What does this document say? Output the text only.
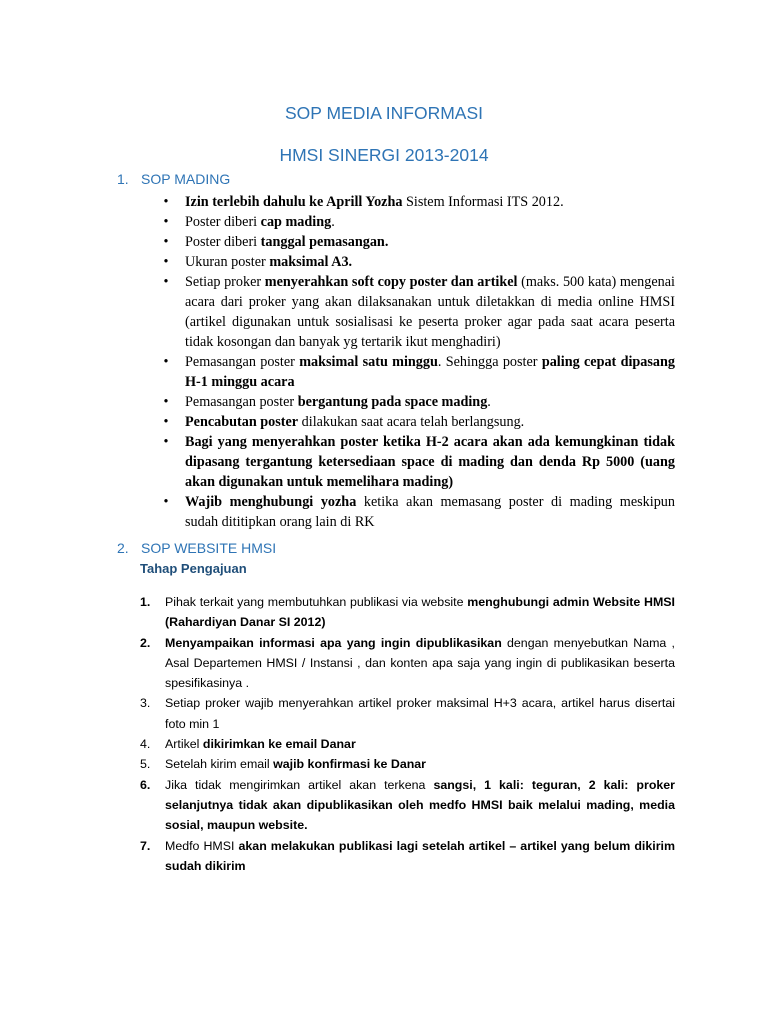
SOP MEDIA INFORMASI
HMSI SINERGI 2013-2014
1. SOP MADING
• Izin terlebih dahulu ke Aprill Yozha Sistem Informasi ITS 2012.
• Poster diberi cap mading.
• Poster diberi tanggal pemasangan.
• Ukuran poster maksimal A3.
• Setiap proker menyerahkan soft copy poster dan artikel (maks. 500 kata) mengenai acara dari proker yang akan dilaksanakan untuk diletakkan di media online HMSI (artikel digunakan untuk sosialisasi ke peserta proker agar pada saat acara peserta tidak kosongan dan banyak yg tertarik ikut menghadiri)
• Pemasangan poster maksimal satu minggu. Sehingga poster paling cepat dipasang H-1 minggu acara
• Pemasangan poster bergantung pada space mading.
• Pencabutan poster dilakukan saat acara telah berlangsung.
• Bagi yang menyerahkan poster ketika H-2 acara akan ada kemungkinan tidak dipasang tergantung ketersediaan space di mading dan denda Rp 5000 (uang akan digunakan untuk memelihara mading)
• Wajib menghubungi yozha ketika akan memasang poster di mading meskipun sudah dititipkan orang lain di RK
2. SOP WEBSITE HMSI
Tahap Pengajuan
1.	Pihak terkait yang membutuhkan publikasi via website menghubungi admin Website HMSI (Rahardiyan Danar SI 2012)
2.	Menyampaikan informasi apa yang ingin dipublikasikan dengan menyebutkan Nama , Asal Departemen HMSI / Instansi , dan konten apa saja yang ingin di publikasikan beserta spesifikasinya .
3.	Setiap proker wajib menyerahkan artikel proker maksimal H+3 acara, artikel harus disertai foto min 1
4.	Artikel dikirimkan ke email Danar
5.	Setelah kirim email wajib konfirmasi ke Danar
6.	Jika tidak mengirimkan artikel akan terkena sangsi, 1 kali: teguran, 2 kali: proker selanjutnya tidak akan dipublikasikan oleh medfo HMSI baik melalui mading, media sosial, maupun website.
7.	Medfo HMSI akan melakukan publikasi lagi setelah artikel – artikel yang belum dikirim sudah dikirim
